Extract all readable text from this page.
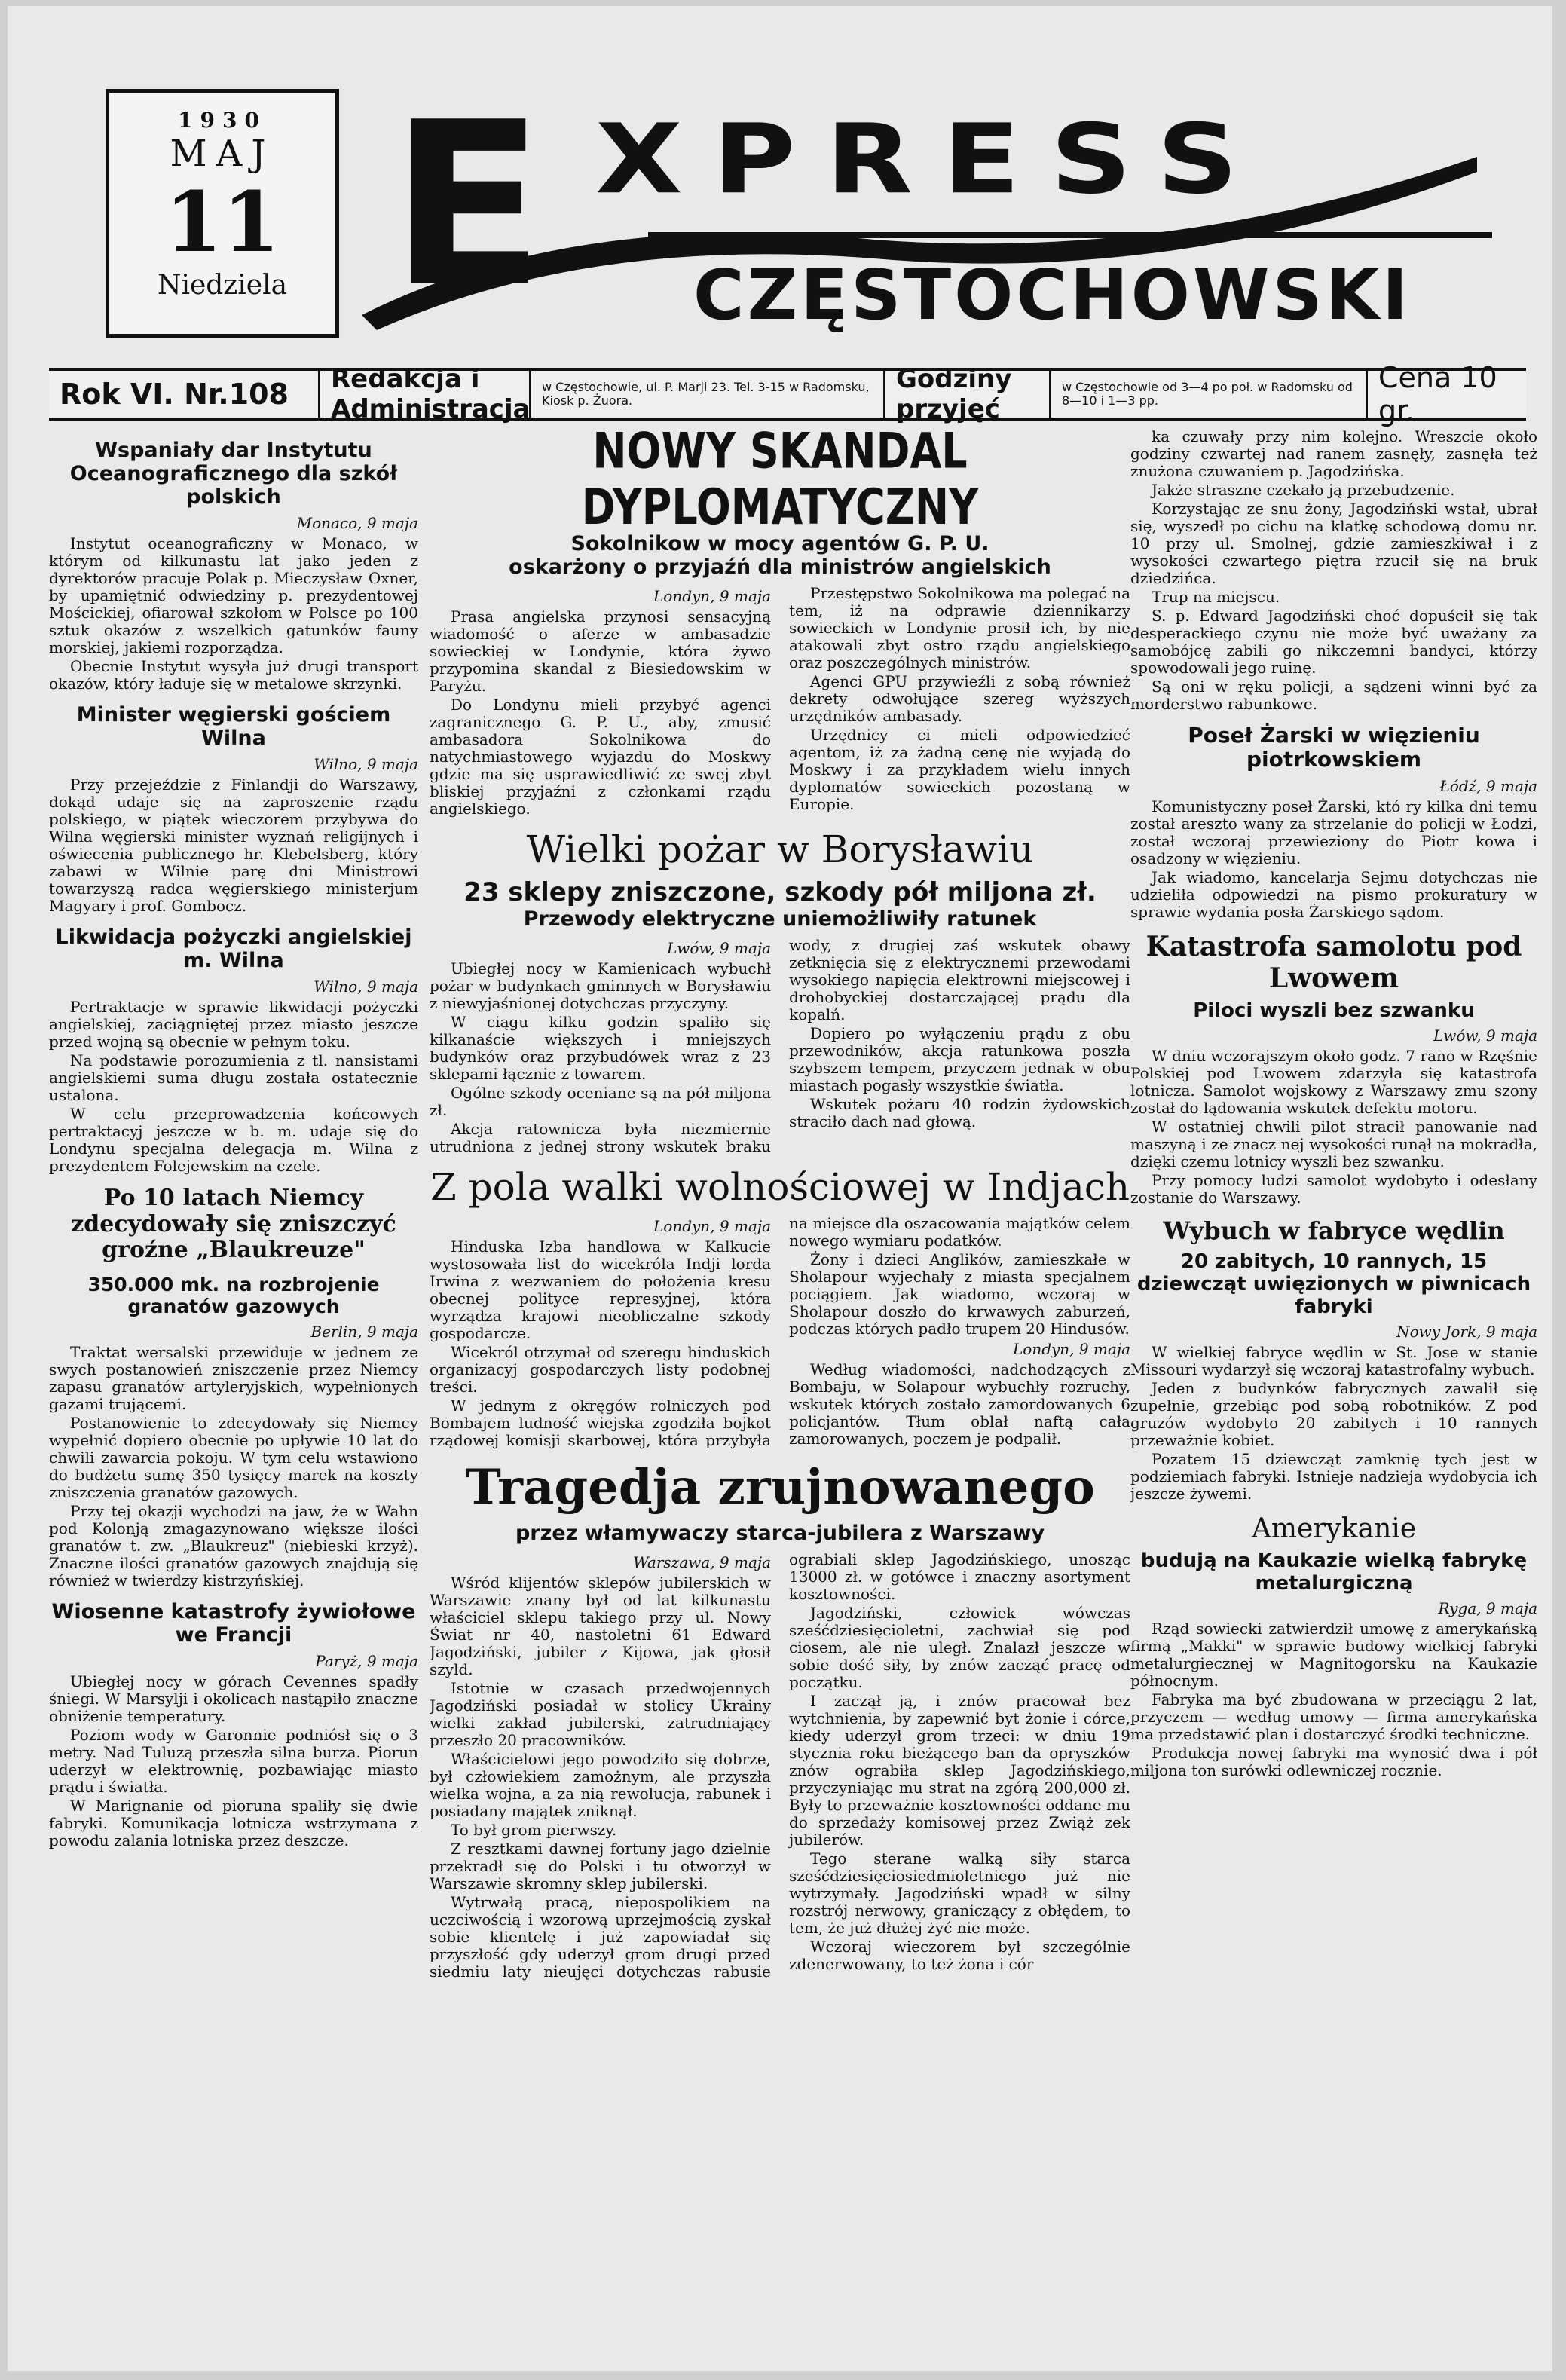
1930
MAJ
11
Niedziela E XPRESS
CZĘSTOCHOWSKI
Rok VI. Nr.108	Redakcja i Administracja
w Częstochowie, ul. P. Marji 23. Tel. 3-15 w Radomsku, Kiosk p. Żuora.
Godziny przyjęć
w Częstochowie od 3—4 po poł. w Radomsku od 8—10 i 1—3 pp.
Cena 10 gr.
Wspaniały dar Instytutu Oceanograficznego dla szkół polskich
Monaco, 9 maja

Instytut oceanograficzny w Monaco, w którym od kilkunastu lat jako jeden z dyrektorów pracuje Polak p. Mieczysław Oxner, by upamiętnić odwiedziny p. prezydentowej Mościckiej, ofiarował szkołom w Polsce po 100 sztuk okazów z wszelkich gatunków fauny morskiej, jakiemi rozporządza.

Obecnie Instytut wysyła już drugi transport okazów, który ładuje się w metalowe skrzynki.

Minister węgierski gościem Wilna
Wilno, 9 maja

Przy przejeździe z Finlandji do Warszawy, dokąd udaje się na zaproszenie rządu polskiego, w piątek wieczorem przybywa do Wilna węgierski minister wyznań religijnych i oświecenia publicznego hr. Klebelsberg, który zabawi w Wilnie parę dni Ministrowi towarzyszą radca węgierskiego ministerjum Magyary i prof. Gombocz.

Likwidacja pożyczki angielskiej m. Wilna
Wilno, 9 maja

Pertraktacje w sprawie likwidacji pożyczki angielskiej, zaciągniętej przez miasto jeszcze przed wojną są obecnie w pełnym toku.

Na podstawie porozumienia z tl. nansistami angielskiemi suma długu została ostatecznie ustalona.

W celu przeprowadzenia końcowych pertraktacyj jeszcze w b. m. udaje się do Londynu specjalna delegacja m. Wilna z prezydentem Folejewskim na czele.

Po 10 latach Niemcy zdecydowały się zniszczyć groźne „Blaukreuze"
350.000 mk. na rozbrojenie granatów gazowych
Berlin, 9 maja

Traktat wersalski przewiduje w jednem ze swych postanowień zniszczenie przez Niemcy zapasu granatów artyleryjskich, wypełnionych gazami trującemi.

Postanowienie to zdecydowały się Niemcy wypełnić dopiero obecnie po upływie 10 lat do chwili zawarcia pokoju. W tym celu wstawiono do budżetu sumę 350 tysięcy marek na koszty zniszczenia granatów gazowych.

Przy tej okazji wychodzi na jaw, że w Wahn pod Kolonją zmagazynowano większe ilości granatów t. zw. „Blaukreuz" (niebieski krzyż). Znaczne ilości granatów gazowych znajdują się również w twierdzy kistrzyńskiej.

Wiosenne katastrofy żywiołowe we Francji
Paryż, 9 maja

Ubiegłej nocy w górach Cevennes spadły śniegi. W Marsylji i okolicach nastąpiło znaczne obniżenie temperatury.

Poziom wody w Garonnie podniósł się o 3 metry. Nad Tuluzą przeszła silna burza. Piorun uderzył w elektrownię, pozbawiając miasto prądu i światła.

W Marignanie od pioruna spaliły się dwie fabryki. Komunikacja lotnicza wstrzymana z powodu zalania lotniska przez deszcze.

NOWY SKANDAL DYPLOMATYCZNY
Sokolnikow w mocy agentów G. P. U.
oskarżony o przyjaźń dla ministrów angielskich
Londyn, 9 maja

Prasa angielska przynosi sensacyjną wiadomość o aferze w ambasadzie sowieckiej w Londynie, która żywo przypomina skandal z Biesiedowskim w Paryżu.

Do Londynu mieli przybyć agenci zagranicznego G. P. U., aby, zmusić ambasadora Sokolnikowa do natychmiastowego wyjazdu do Moskwy gdzie ma się usprawiedliwić ze swej zbyt bliskiej przyjaźni z członkami rządu angielskiego.

Przestępstwo Sokolnikowa ma polegać na tem, iż na odprawie dziennikarzy sowieckich w Londynie prosił ich, by nie atakowali zbyt ostro rządu angielskiego oraz poszczególnych ministrów.

Agenci GPU przywieźli z sobą również dekrety odwołujące szereg wyższych urzędników ambasady.

Urzędnicy ci mieli odpowiedzieć agentom, iż za żadną cenę nie wyjadą do Moskwy i za przykładem wielu innych dyplomatów sowieckich pozostaną w Europie.

Wielki pożar w Borysławiu
23 sklepy zniszczone, szkody pół miljona zł.
Przewody elektryczne uniemożliwiły ratunek
Lwów, 9 maja

Ubiegłej nocy w Kamienicach wybuchł pożar w budynkach gminnych w Borysławiu z niewyjaśnionej dotychczas przyczyny.

W ciągu kilku godzin spaliło się kilkanaście większych i mniejszych budynków oraz przybudówek wraz z 23 sklepami łącznie z towarem.

Ogólne szkody oceniane są na pół miljona zł.

Akcja ratownicza była niezmiernie utrudniona z jednej strony wskutek braku wody, z drugiej zaś wskutek obawy zetknięcia się z elektrycznemi przewodami wysokiego napięcia elektrowni miejscowej i drohobyckiej dostarczającej prądu dla kopalń.

Dopiero po wyłączeniu prądu z obu przewodników, akcja ratunkowa poszła szybszem tempem, przyczem jednak w obu miastach pogasły wszystkie światła.

Wskutek pożaru 40 rodzin żydowskich straciło dach nad głową.

Z pola walki wolnościowej w Indjach
Londyn, 9 maja

Hinduska Izba handlowa w Kalkucie wystosowała list do wicekróla Indji lorda Irwina z wezwaniem do położenia kresu obecnej polityce represyjnej, która wyrządza krajowi nieobliczalne szkody gospodarcze.

Wicekról otrzymał od szeregu hinduskich organizacyj gospodarczych listy podobnej treści.

W jednym z okręgów rolniczych pod Bombajem ludność wiejska zgodziła bojkot rządowej komisji skarbowej, która przybyła na miejsce dla oszacowania majątków celem nowego wymiaru podatków.

Żony i dzieci Anglików, zamieszkałe w Sholapour wyjechały z miasta specjalnem pociągiem. Jak wiadomo, wczoraj w Sholapour doszło do krwawych zaburzeń, podczas których padło trupem 20 Hindusów.

Londyn, 9 maja

Według wiadomości, nadchodzących z Bombaju, w Solapour wybuchły rozruchy, wskutek których zostało zamordowanych 6 policjantów. Tłum oblał naftą cała zamorowanych, poczem je podpalił.

Tragedja zrujnowanego
przez włamywaczy starca-jubilera z Warszawy
Warszawa, 9 maja

Wśród klijentów sklepów jubilerskich w Warszawie znany był od lat kilkunastu właściciel sklepu takiego przy ul. Nowy Świat nr 40, nastoletni 61 Edward Jagodziński, jubiler z Kijowa, jak głosił szyld.

Istotnie w czasach przedwojennych Jagodziński posiadał w stolicy Ukrainy wielki zakład jubilerski, zatrudniający przeszło 20 pracowników.

Właścicielowi jego powodziło się dobrze, był człowiekiem zamożnym, ale przyszła wielka wojna, a za nią rewolucja, rabunek i posiadany majątek zniknął.

To był grom pierwszy.

Z resztkami dawnej fortuny jago dzielnie przekradł się do Polski i tu otworzył w Warszawie skromny sklep jubilerski.

Wytrwałą pracą, niepospolikiem na uczciwością i wzorową uprzejmością zyskał sobie klientelę i już zapowiadał się przyszłość gdy uderzył grom drugi przed siedmiu laty nieujęci dotychczas rabusie ograbiali sklep Jagodzińskiego, unosząc 13000 zł. w gotówce i znaczny asortyment kosztowności.

Jagodziński, człowiek wówczas sześćdziesięcioletni, zachwiał się pod ciosem, ale nie uległ. Znalazł jeszcze w sobie dość siły, by znów zacząć pracę od początku.

I zaczął ją, i znów pracował bez wytchnienia, by zapewnić byt żonie i córce, kiedy uderzył grom trzeci: w dniu 19 stycznia roku bieżącego ban da opryszków znów ograbiła sklep Jagodzińskiego, przyczyniając mu strat na zgórą 200,000 zł. Były to przeważnie kosztowności oddane mu do sprzedaży komisowej przez Zwiąż zek jubilerów.

Tego sterane walką siły starca sześćdziesięciosiedmioletniego już nie wytrzymały. Jagodziński wpadł w silny rozstrój nerwowy, graniczący z obłędem, to tem, że już dłużej żyć nie może.

Wczoraj wieczorem był szczególnie zdenerwowany, to też żona i cór

ka czuwały przy nim kolejno. Wreszcie około godziny czwartej nad ranem zasnęły, zasnęła też znużona czuwaniem p. Jagodzińska.

Jakże straszne czekało ją przebudzenie.

Korzystając ze snu żony, Jagodziński wstał, ubrał się, wyszedł po cichu na klatkę schodową domu nr. 10 przy ul. Smolnej, gdzie zamieszkiwał i z wysokości czwartego piętra rzucił się na bruk dziedzińca.

Trup na miejscu.

S. p. Edward Jagodziński choć dopuścił się tak desperackiego czynu nie może być uważany za samobójcę zabili go nikczemni bandyci, którzy spowodowali jego ruinę.

Są oni w ręku policji, a sądzeni winni być za morderstwo rabunkowe.

Poseł Żarski w więzieniu piotrkowskiem
Łódź, 9 maja

Komunistyczny poseł Żarski, któ ry kilka dni temu został areszto wany za strzelanie do policji w Łodzi, został wczoraj przewieziony do Piotr kowa i osadzony w więzieniu.

Jak wiadomo, kancelarja Sejmu dotychczas nie udzieliła odpowiedzi na pismo prokuratury w sprawie wydania posła Żarskiego sądom.

Katastrofa samolotu pod Lwowem
Piloci wyszli bez szwanku
Lwów, 9 maja

W dniu wczorajszym około godz. 7 rano w Rzęśnie Polskiej pod Lwowem zdarzyła się katastrofa lotnicza. Samolot wojskowy z Warszawy zmu szony został do lądowania wskutek defektu motoru.

W ostatniej chwili pilot stracił panowanie nad maszyną i ze znacz nej wysokości runął na mokradła, dzięki czemu lotnicy wyszli bez szwanku.

Przy pomocy ludzi samolot wydobyto i odesłany zostanie do Warszawy.

Wybuch w fabryce wędlin
20 zabitych, 10 rannych, 15 dziewcząt uwięzionych w piwnicach fabryki
Nowy Jork, 9 maja

W wielkiej fabryce wędlin w St. Jose w stanie Missouri wydarzył się wczoraj katastrofalny wybuch.

Jeden z budynków fabrycznych zawalił się zupełnie, grzebiąc pod sobą robotników. Z pod gruzów wydobyto 20 zabitych i 10 rannych przeważnie kobiet.

Pozatem 15 dziewcząt zamknię tych jest w podziemiach fabryki. Istnieje nadzieja wydobycia ich jeszcze żywemi.

Amerykanie
budują na Kaukazie wielką fabrykę metalurgiczną
Ryga, 9 maja

Rząd sowiecki zatwierdził umowę z amerykańską firmą „Makki" w sprawie budowy wielkiej fabryki metalurgiecznej w Magnitogorsku na Kaukazie północnym.

Fabryka ma być zbudowana w przeciągu 2 lat, przyczem — według umowy — firma amerykańska ma przedstawić plan i dostarczyć środki techniczne.

Produkcja nowej fabryki ma wynosić dwa i pół miljona ton surówki odlewniczej rocznie.
